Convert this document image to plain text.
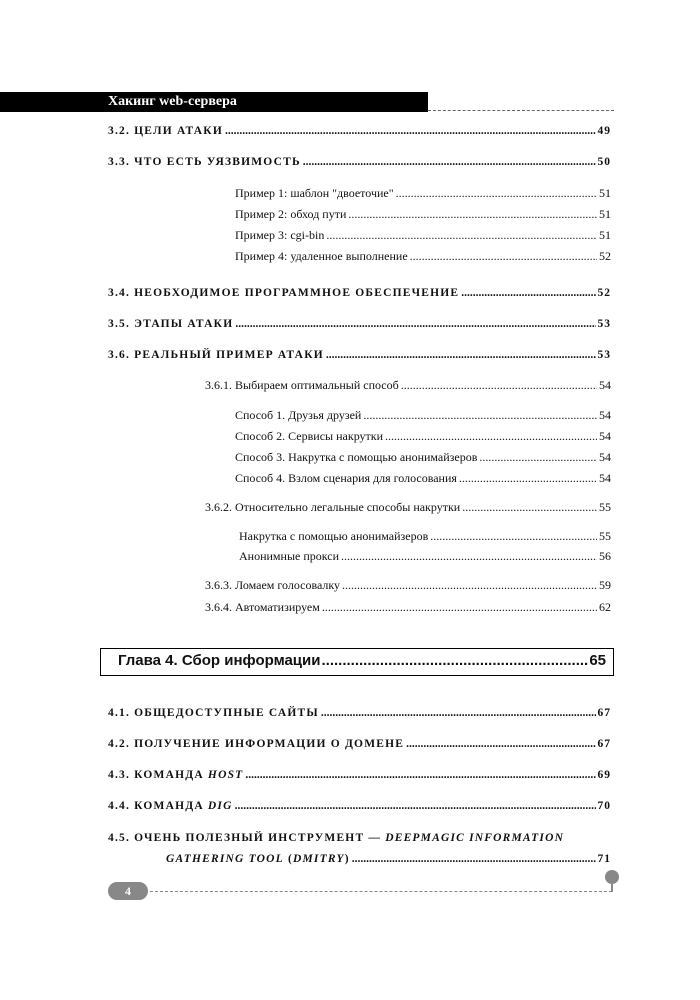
Хакинг web-сервера
3.2. ЦЕЛИ АТАКИ .....	49
3.3. ЧТО ЕСТЬ УЯЗВИМОСТЬ .....	50
Пример 1: шаблон "двоеточие" .....	51
Пример 2: обход пути .....	51
Пример 3: cgi-bin .....	51
Пример 4: удаленное выполнение .....	52
3.4. НЕОБХОДИМОЕ ПРОГРАММНОЕ ОБЕСПЕЧЕНИЕ .....	52
3.5. ЭТАПЫ АТАКИ .....	53
3.6. РЕАЛЬНЫЙ ПРИМЕР АТАКИ .....	53
3.6.1. Выбираем оптимальный способ .....	54
Способ 1. Друзья друзей .....	54
Способ 2. Сервисы накрутки .....	54
Способ 3. Накрутка с помощью анонимайзеров .....	54
Способ 4. Взлом сценария для голосования .....	54
3.6.2. Относительно легальные способы накрутки .....	55
Накрутка с помощью анонимайзеров .....	55
Анонимные прокси .....	56
3.6.3. Ломаем голосовалку .....	59
3.6.4. Автоматизируем .....	62
Глава 4. Сбор информации .....	65
4.1. ОБЩЕДОСТУПНЫЕ САЙТЫ .....	67
4.2. ПОЛУЧЕНИЕ ИНФОРМАЦИИ О ДОМЕНЕ .....	67
4.3. КОМАНДА HOST .....	69
4.4. КОМАНДА DIG .....	70
4.5. ОЧЕНЬ ПОЛЕЗНЫЙ ИНСТРУМЕНТ — DEEPMAGIC INFORMATION
GATHERING TOOL (DMITRY) .....	71
4
